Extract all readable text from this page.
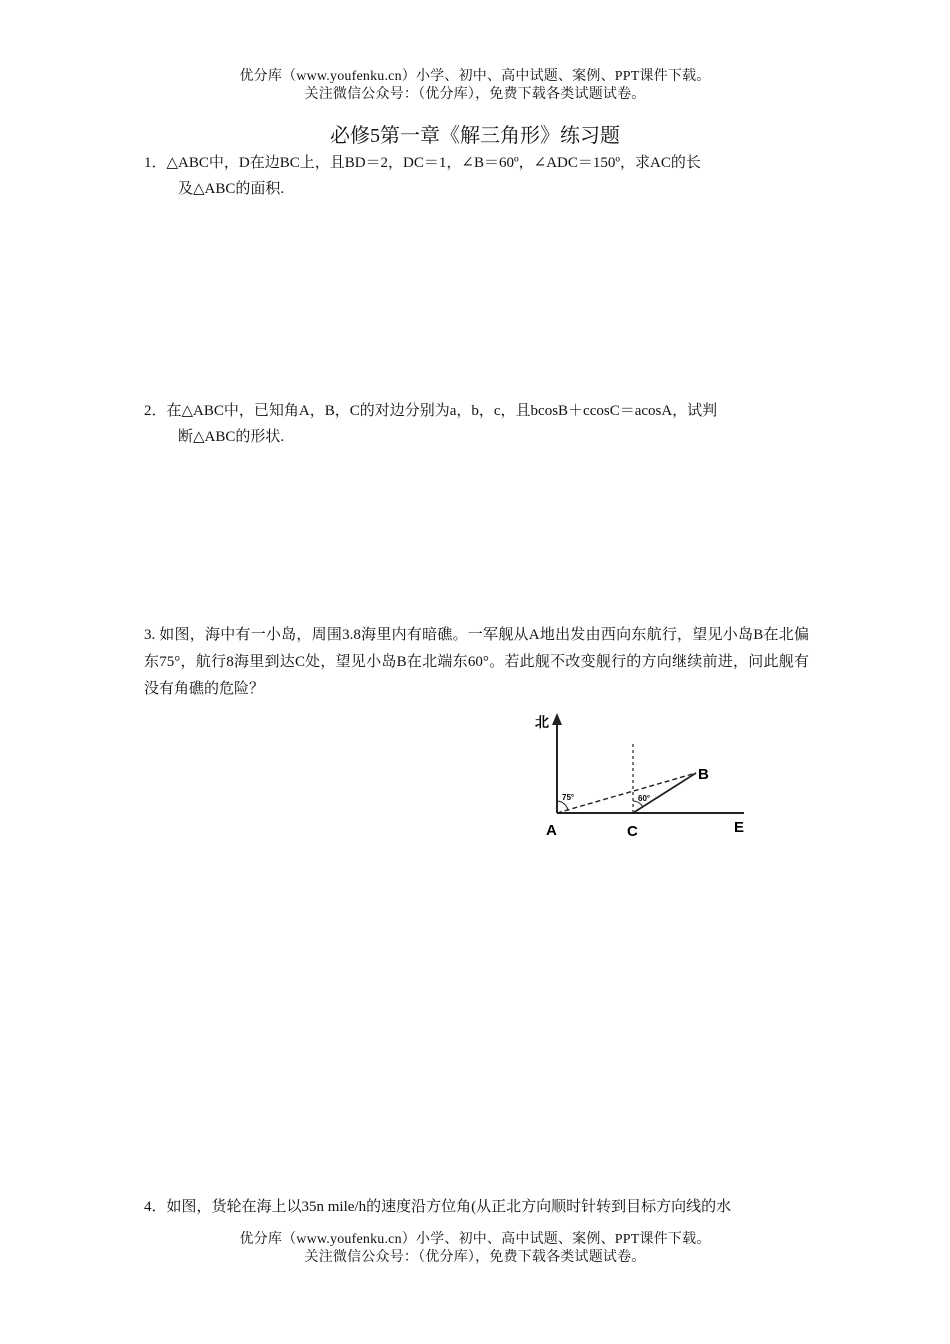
优分库（www.youfenku.cn）小学、初中、高中试题、案例、PPT课件下载。
关注微信公众号：（优分库），免费下载各类试题试卷。
必修5第一章《解三角形》练习题
1．△ABC中，D在边BC上，且BD＝2，DC＝1，∠B＝60º，∠ADC＝150º，求AC的长
及△ABC的面积.
2．在△ABC中，已知角A，B，C的对边分别为a，b，c，且bcosB＋ccosC＝acosA，试判
断△ABC的形状.
3. 如图，海中有一小岛，周围3.8海里内有暗礁。一军舰从A地出发由西向东航行，望见小岛B在北偏东75°，航行8海里到达C处，望见小岛B在北端东60°。若此舰不改变舰行的方向继续前进，问此舰有没有角礁的危险？
北
75°	60°
A	C
B
E
4．如图，货轮在海上以35n mile/h的速度沿方位角(从正北方向顺时针转到目标方向线的水
优分库（www.youfenku.cn）小学、初中、高中试题、案例、PPT课件下载。
关注微信公众号：（优分库），免费下载各类试题试卷。
